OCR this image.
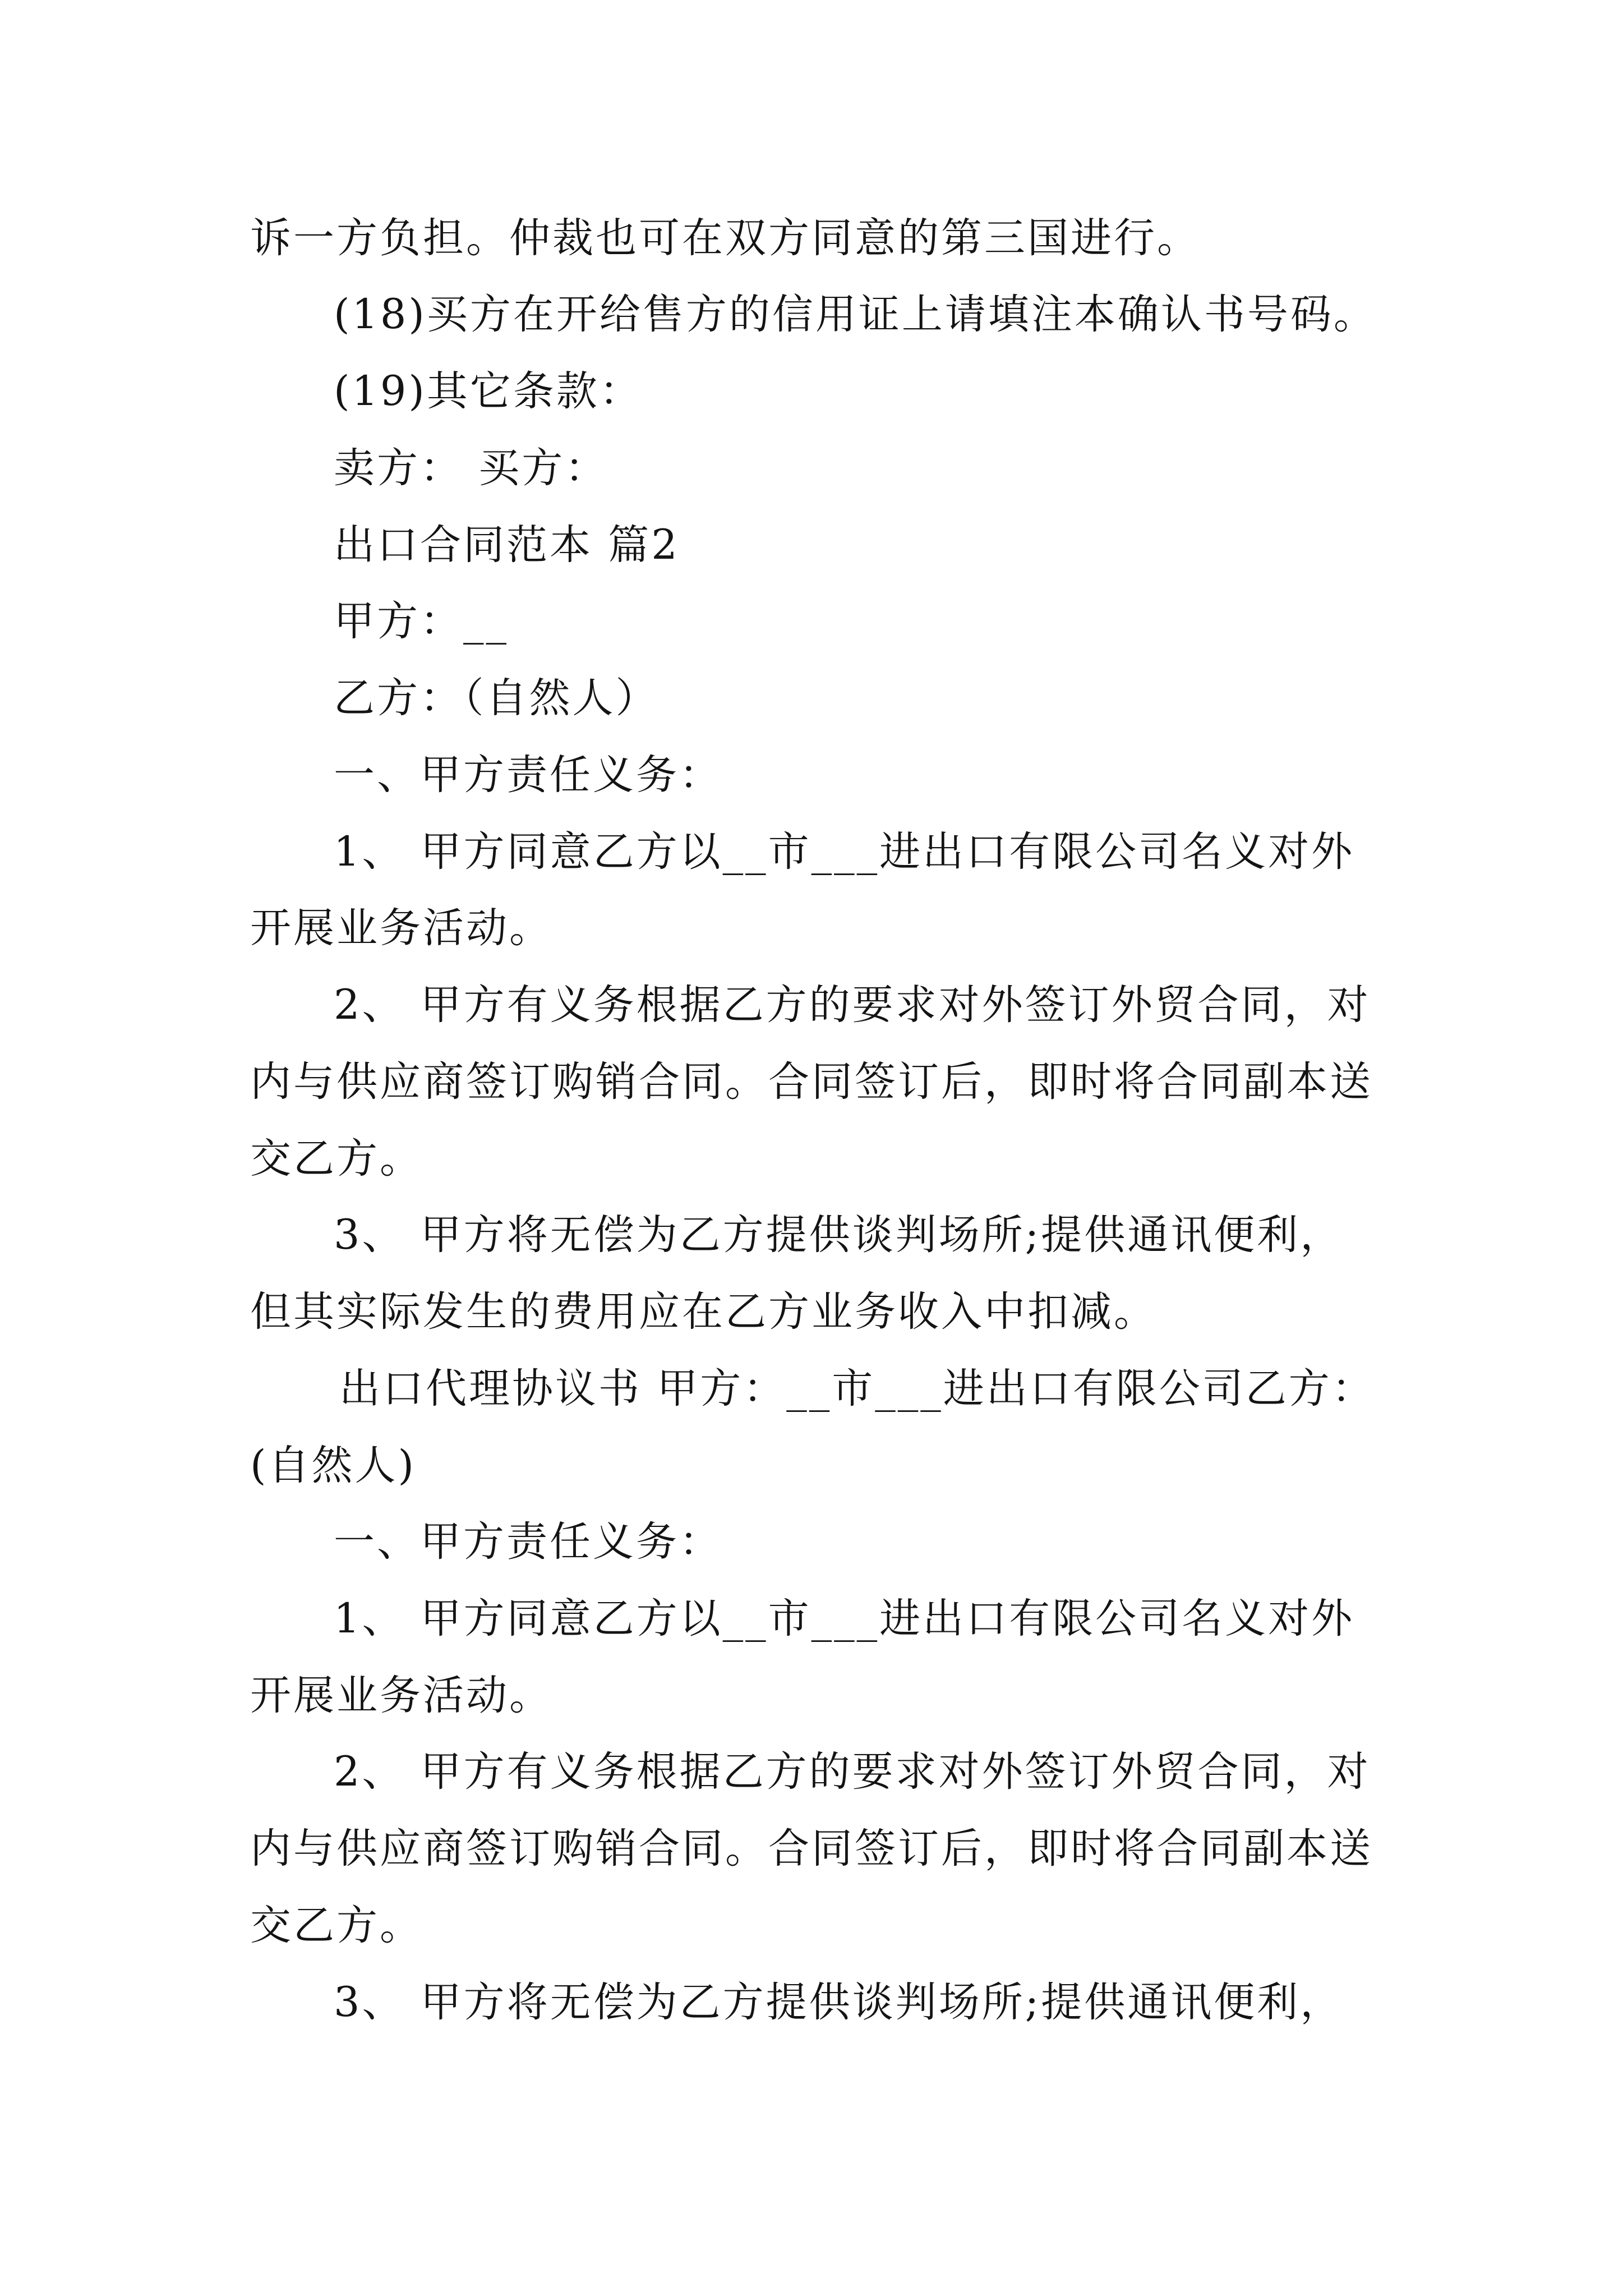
诉一方负担。仲裁也可在双方同意的第三国进行。
(18)买方在开给售方的信用证上请填注本确认书号码。
(19)其它条款：
卖方： 买方：
出口合同范本 篇2
甲方：__
乙方：（自然人）
一、甲方责任义务：
1、 甲方同意乙方以__市___进出口有限公司名义对外
开展业务活动。
2、 甲方有义务根据乙方的要求对外签订外贸合同，对
内与供应商签订购销合同。合同签订后，即时将合同副本送
交乙方。
3、 甲方将无偿为乙方提供谈判场所;提供通讯便利，
但其实际发生的费用应在乙方业务收入中扣减。
出口代理协议书 甲方：__市___进出口有限公司乙方：
(自然人)
一、甲方责任义务：
1、 甲方同意乙方以__市___进出口有限公司名义对外
开展业务活动。
2、 甲方有义务根据乙方的要求对外签订外贸合同，对
内与供应商签订购销合同。合同签订后，即时将合同副本送
交乙方。
3、 甲方将无偿为乙方提供谈判场所;提供通讯便利，
